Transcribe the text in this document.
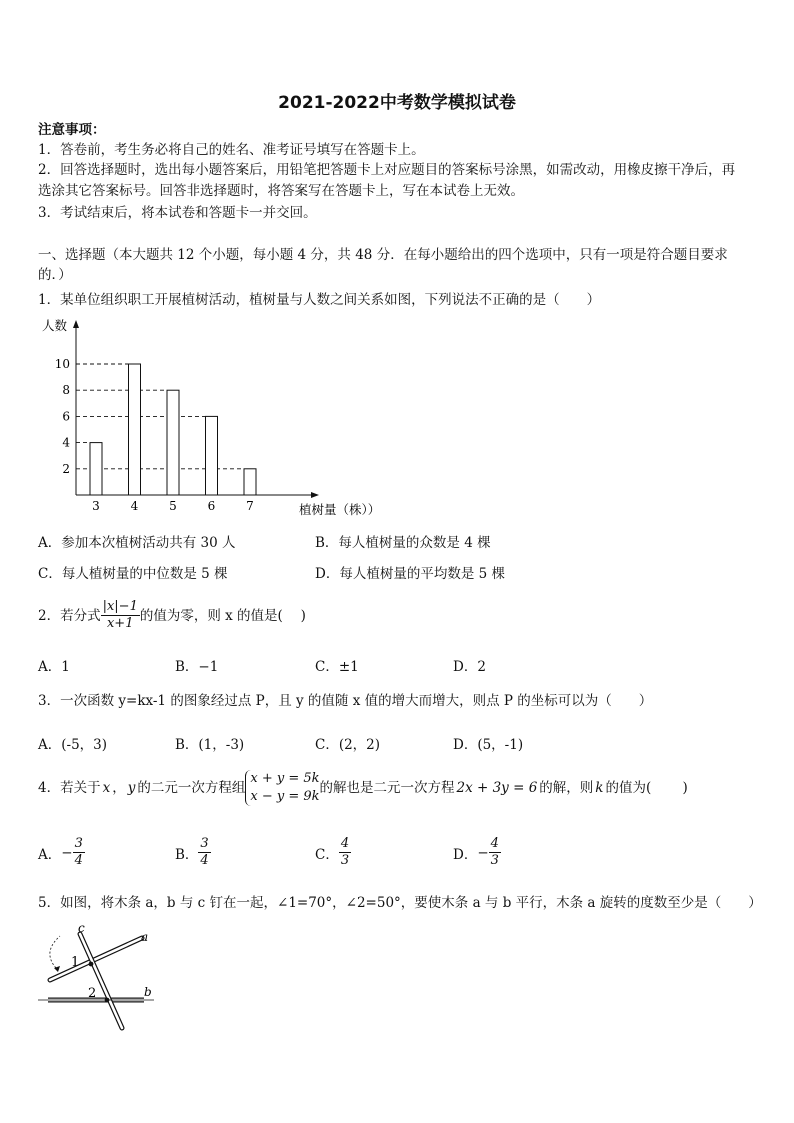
2021-2022中考数学模拟试卷
注意事项：
1．答卷前，考生务必将自己的姓名、准考证号填写在答题卡上。
2．回答选择题时，选出每小题答案后，用铅笔把答题卡上对应题目的答案标号涂黑，如需改动，用橡皮擦干净后，再
选涂其它答案标号。回答非选择题时，将答案写在答题卡上，写在本试卷上无效。
3．考试结束后，将本试卷和答题卡一并交回。
一、选择题（本大题共 12 个小题，每小题 4 分，共 48 分．在每小题给出的四个选项中，只有一项是符合题目要求
的．）
1．某单位组织职工开展植树活动，植树量与人数之间关系如图，下列说法不正确的是（　　）
3	4	5	6	7
2
4
6
8
10
人数
植树量（株））
A．参加本次植树活动共有 30 人	B．每人植树量的众数是 4 棵
C．每人植树量的中位数是 5 棵	D．每人植树量的平均数是 5 棵
2．若分式 $\frac{|x|-1}{x+1}$ 的值为零，则 x 的值是(　 )
A．1	B．−1	C．±1	D．2
3．一次函数 y=kx-1 的图象经过点 P，且 y 的值随 x 值的增大而增大，则点 P 的坐标可以为（　　）
A．(-5，3)	B．(1，-3)	C．(2，2)	D．(5，-1)
4．若关于 x ， y 的二元一次方程组
x + y = 5k
x − y = 9k
的解也是二元一次方程 2x + 3y = 6 的解，则 k 的值为(　　 )
A． − $\frac{3}{4}$	B． $\frac{3}{4}$	C． $\frac{4}{3}$	D． − $\frac{4}{3}$
5．如图，将木条 a，b 与 c 钉在一起，∠1=70°，∠2=50°，要使木条 a 与 b 平行，木条 a 旋转的度数至少是（　　）
a
b
c
1
2
